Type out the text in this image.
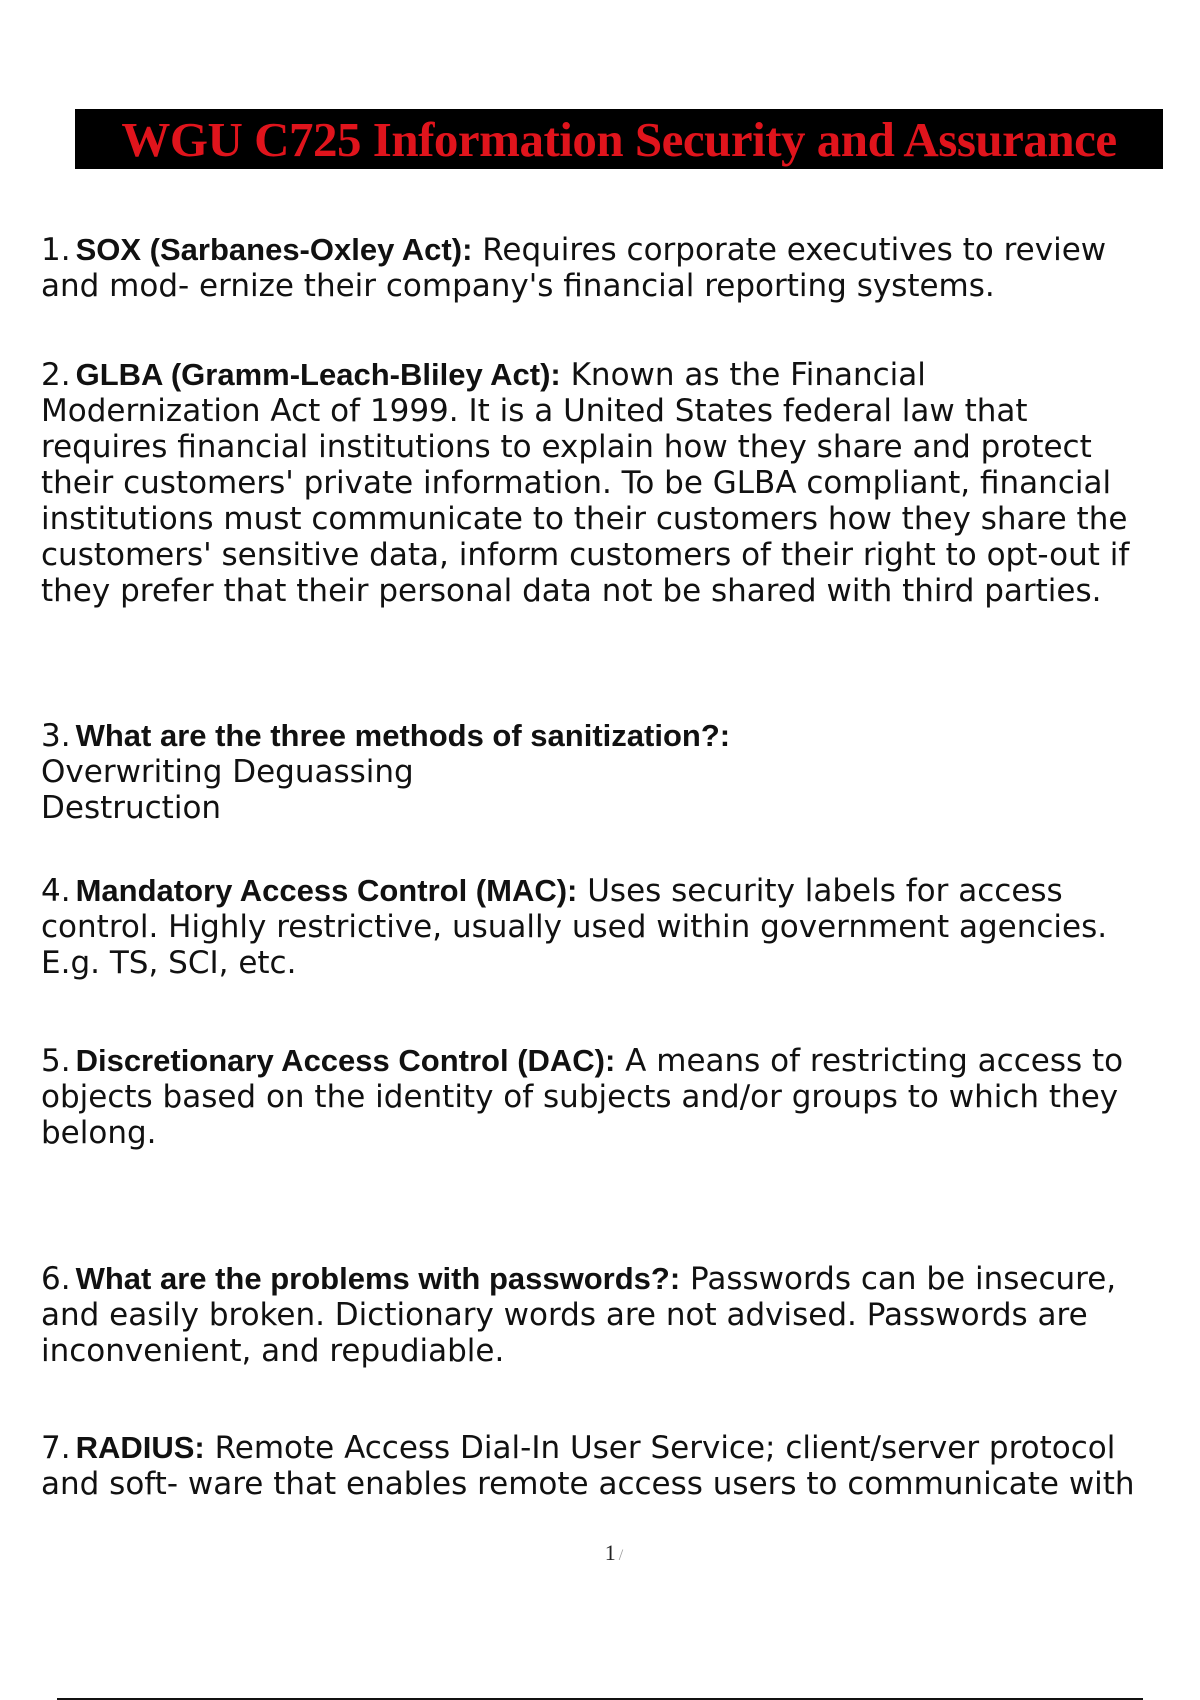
WGU C725 Information Security and Assurance
1. SOX (Sarbanes-Oxley Act): Requires corporate executives to review
and mod- ernize their company's financial reporting systems.
2. GLBA (Gramm-Leach-Bliley Act): Known as the Financial
Modernization Act of 1999. It is a United States federal law that
requires financial institutions to explain how they share and protect
their customers' private information. To be GLBA compliant, financial
institutions must communicate to their customers how they share the
customers' sensitive data, inform customers of their right to opt-out if
they prefer that their personal data not be shared with third parties.
3. What are the three methods of sanitization?:
Overwriting Deguassing
Destruction
4. Mandatory Access Control (MAC): Uses security labels for access
control. Highly restrictive, usually used within government agencies.
E.g. TS, SCI, etc.
5. Discretionary Access Control (DAC): A means of restricting access to
objects based on the identity of subjects and/or groups to which they
belong.
6. What are the problems with passwords?: Passwords can be insecure,
and easily broken. Dictionary words are not advised. Passwords are
inconvenient, and repudiable.
7. RADIUS: Remote Access Dial-In User Service; client/server protocol
and soft- ware that enables remote access users to communicate with
1 /
